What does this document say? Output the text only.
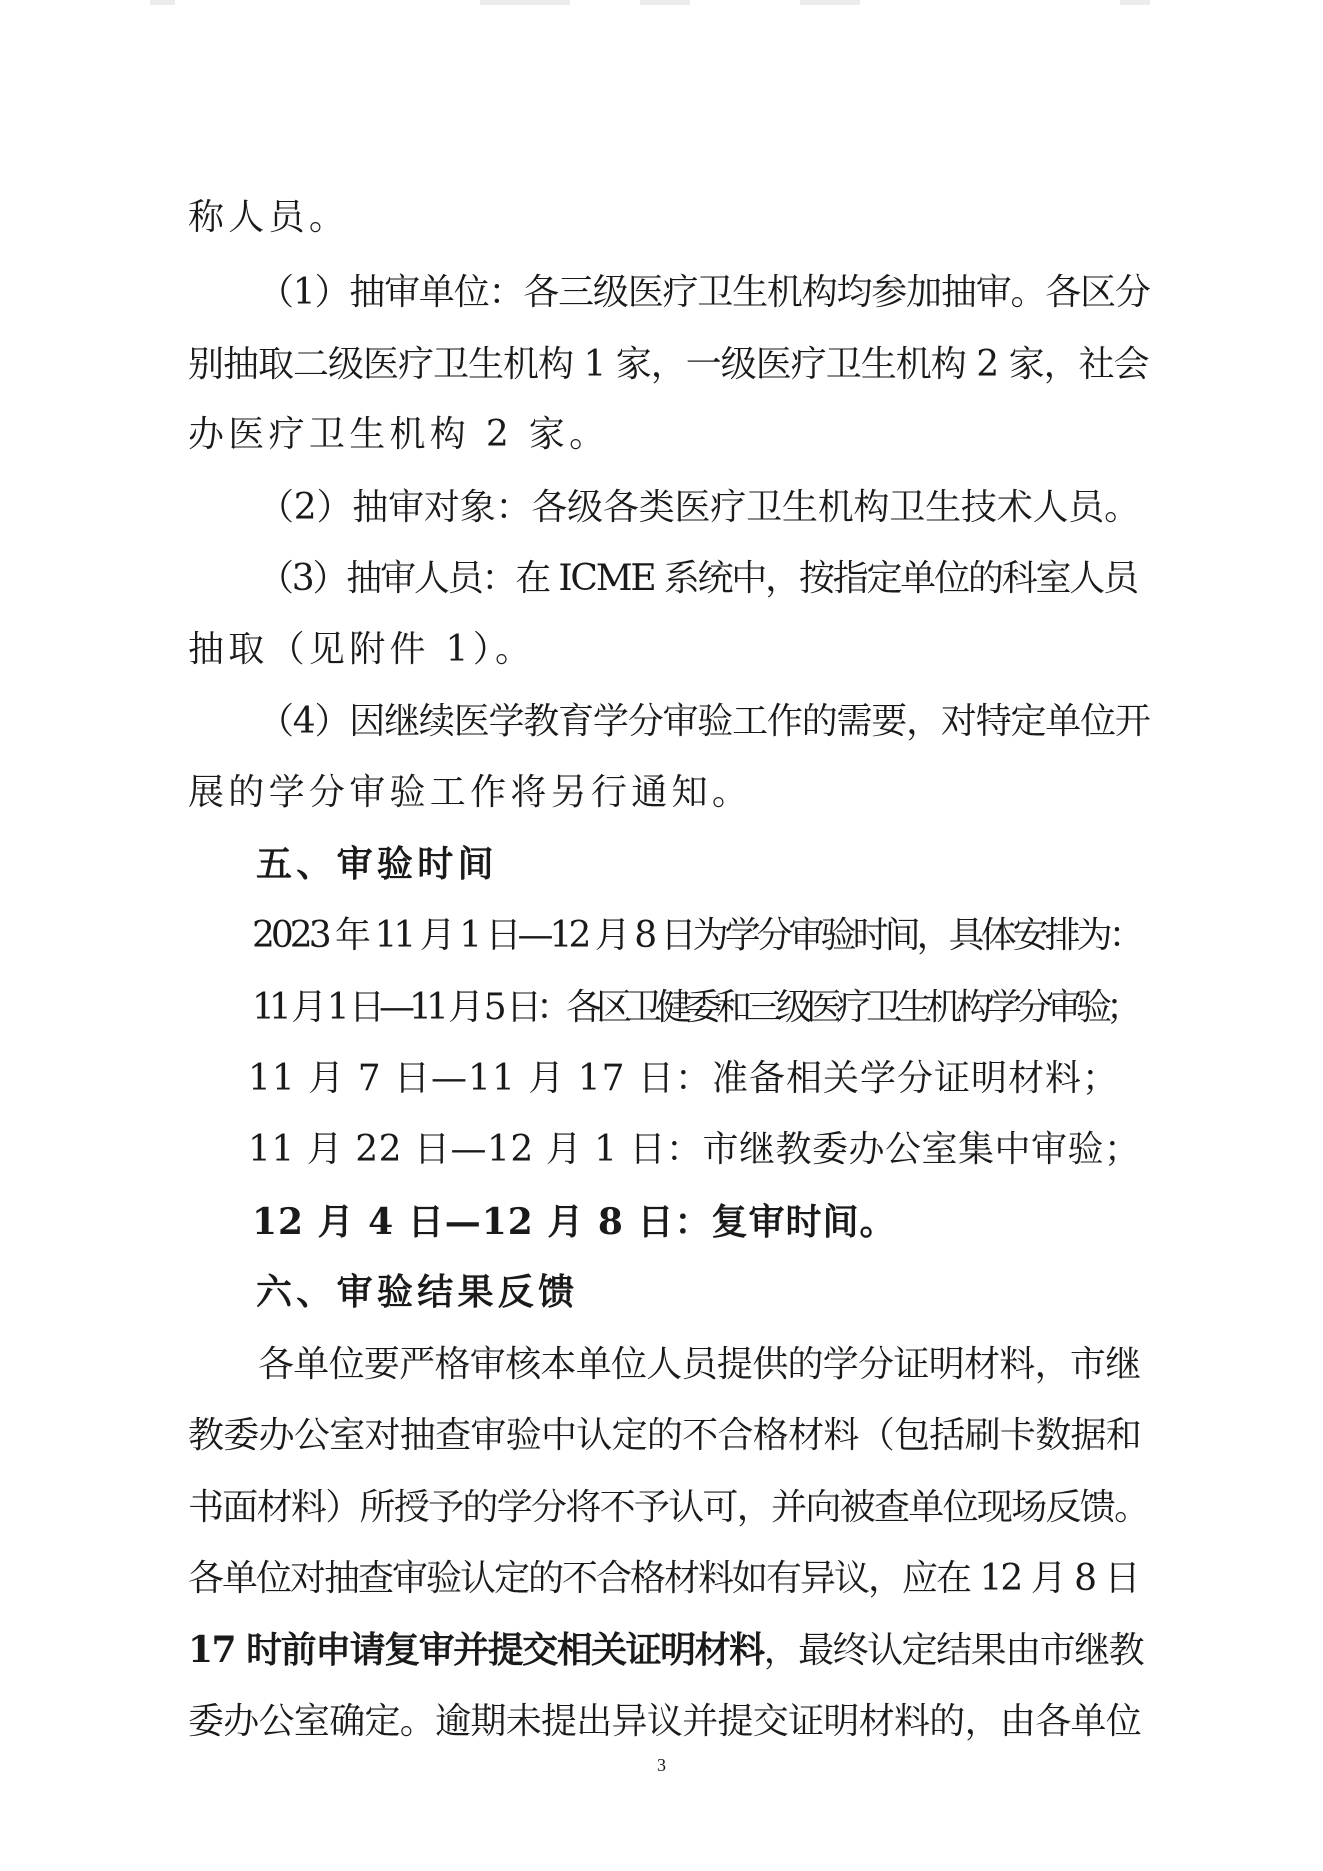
称人员。
（1）抽审单位：各三级医疗卫生机构均参加抽审。各区分
别抽取二级医疗卫生机构 1 家，一级医疗卫生机构 2 家，社会
办医疗卫生机构 2 家。
（2）抽审对象：各级各类医疗卫生机构卫生技术人员。
（3）抽审人员：在 ICME 系统中，按指定单位的科室人员
抽取（见附件 1）。
（4）因继续医学教育学分审验工作的需要，对特定单位开
展的学分审验工作将另行通知。
五、审验时间
2023 年 11 月 1 日—12 月 8 日为学分审验时间，具体安排为：
11 月 1 日—11 月 5 日：各区卫健委和三级医疗卫生机构学分审验；
11 月 7 日—11 月 17 日：准备相关学分证明材料；
11 月 22 日—12 月 1 日：市继教委办公室集中审验；
12 月 4 日—12 月 8 日：复审时间。
六、审验结果反馈
各单位要严格审核本单位人员提供的学分证明材料，市继
教委办公室对抽查审验中认定的不合格材料（包括刷卡数据和
书面材料）所授予的学分将不予认可，并向被查单位现场反馈。
各单位对抽查审验认定的不合格材料如有异议，应在 12 月 8 日
17 时前申请复审并提交相关证明材料，最终认定结果由市继教
委办公室确定。逾期未提出异议并提交证明材料的，由各单位
3
